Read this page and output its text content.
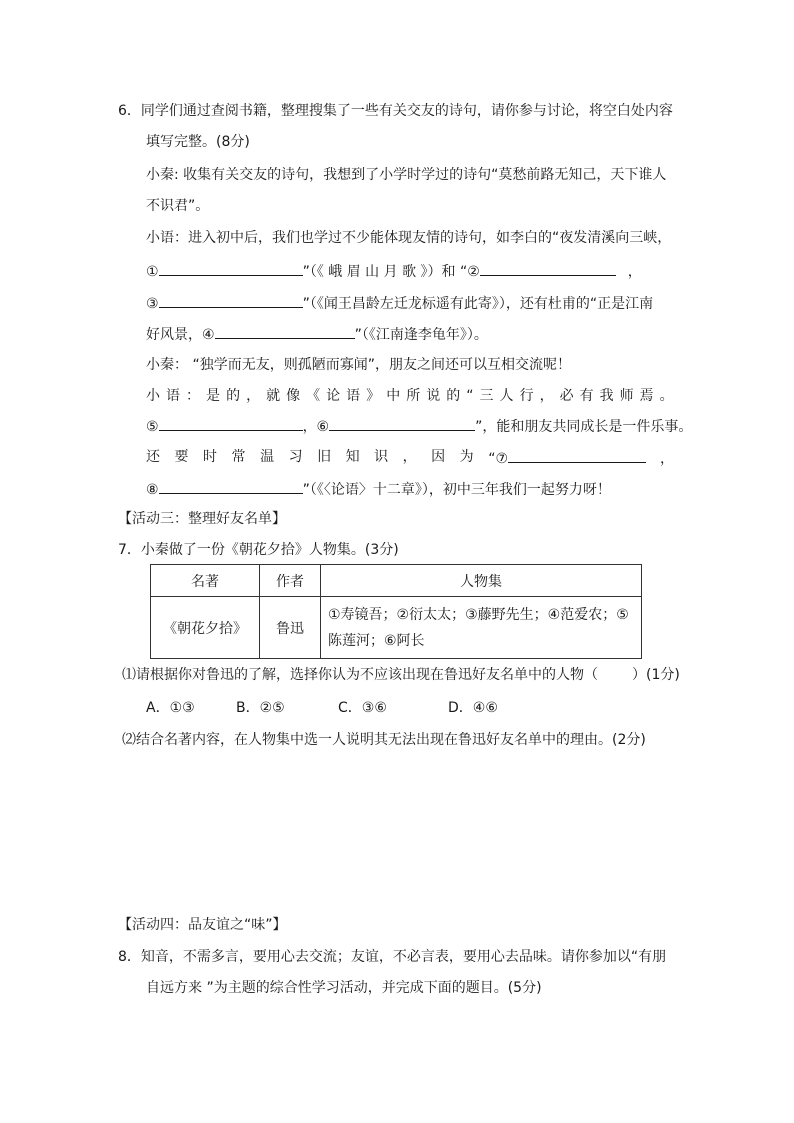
6．同学们通过查阅书籍，整理搜集了一些有关交友的诗句，请你参与讨论，将空白处内容
填写完整。(8分)
小秦: 收集有关交友的诗句，我想到了小学时学过的诗句“莫愁前路无知己，天下谁人
不识君”。
小语：进入初中后，我们也学过不少能体现友情的诗句，如李白的“夜发清溪向三峡，
①	”（《 峨 眉 山 月 歌 》）和 “②	，
③	”（《闻王昌龄左迁龙标遥有此寄》），还有杜甫的“正是江南
好风景，④	”（《江南逢李龟年》）。
小秦： “独学而无友，则孤陋而寡闻”，朋友之间还可以互相交流呢！
小 语 ： 是 的 ， 就 像 《 论 语 》 中 所 说 的 “ 三 人 行 ， 必 有 我 师 焉 。
⑤	，⑥	”，能和朋友共同成长是一件乐事。
还 要 时 常 温 习 旧 知 识 ， 因 为 “⑦	，
⑧	”（《〈论语〉十二章》），初中三年我们一起努力呀！
【活动三：整理好友名单】
7．小秦做了一份《朝花夕拾》人物集。(3分)
名著	作者	人物集
《朝花夕拾》	鲁迅	①寿镜吾；②衍太太；③藤野先生；④范爱农；⑤
陈莲河；⑥阿长
⑴请根据你对鲁迅的了解，选择你认为不应该出现在鲁迅好友名单中的人物（ ）(1分)
A．①③	B．②⑤	C．③⑥	D．④⑥
⑵结合名著内容，在人物集中选一人说明其无法出现在鲁迅好友名单中的理由。(2分)
【活动四：品友谊之“味”】
8．知音，不需多言，要用心去交流；友谊，不必言表，要用心去品味。请你参加以“有朋
自远方来 ”为主题的综合性学习活动，并完成下面的题目。(5分)
